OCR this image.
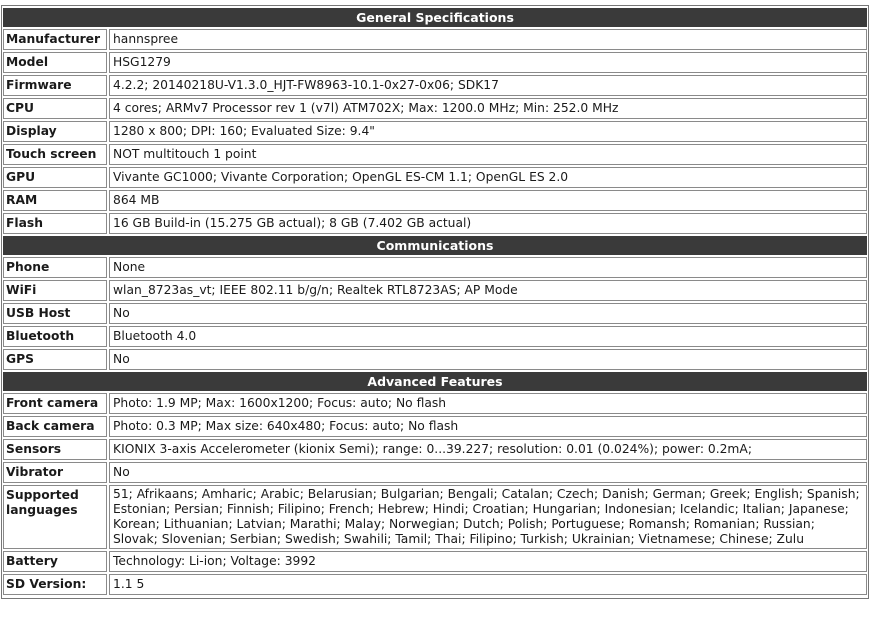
General Specifications	
Manufacturer	hannspree
Model	HSG1279
Firmware	4.2.2; 20140218U-V1.3.0_HJT-FW8963-10.1-0x27-0x06; SDK17
CPU	4 cores; ARMv7 Processor rev 1 (v7l) ATM702X; Max: 1200.0 MHz; Min: 252.0 MHz
Display	1280 x 800; DPI: 160; Evaluated Size: 9.4"
Touch screen	NOT multitouch 1 point
GPU	Vivante GC1000; Vivante Corporation; OpenGL ES-CM 1.1; OpenGL ES 2.0
RAM	864 MB
Flash	16 GB Build-in (15.275 GB actual); 8 GB (7.402 GB actual)
Communications	
Phone	None
WiFi	wlan_8723as_vt; IEEE 802.11 b/g/n; Realtek RTL8723AS; AP Mode
USB Host	No
Bluetooth	Bluetooth 4.0
GPS	No
Advanced Features	
Front camera	Photo: 1.9 MP; Max: 1600x1200; Focus: auto; No flash
Back camera	Photo: 0.3 MP; Max size: 640x480; Focus: auto; No flash
Sensors	KIONIX 3-axis Accelerometer (kionix Semi); range: 0...39.227; resolution: 0.01 (0.024%); power: 0.2mA;
Vibrator	No
Supported languages	51; Afrikaans; Amharic; Arabic; Belarusian; Bulgarian; Bengali; Catalan; Czech; Danish; German; Greek; English; Spanish; Estonian; Persian; Finnish; Filipino; French; Hebrew; Hindi; Croatian; Hungarian; Indonesian; Icelandic; Italian; Japanese; Korean; Lithuanian; Latvian; Marathi; Malay; Norwegian; Dutch; Polish; Portuguese; Romansh; Romanian; Russian; Slovak; Slovenian; Serbian; Swedish; Swahili; Tamil; Thai; Filipino; Turkish; Ukrainian; Vietnamese; Chinese; Zulu
Battery	Technology: Li-ion; Voltage: 3992
SD Version:	1.1 5
